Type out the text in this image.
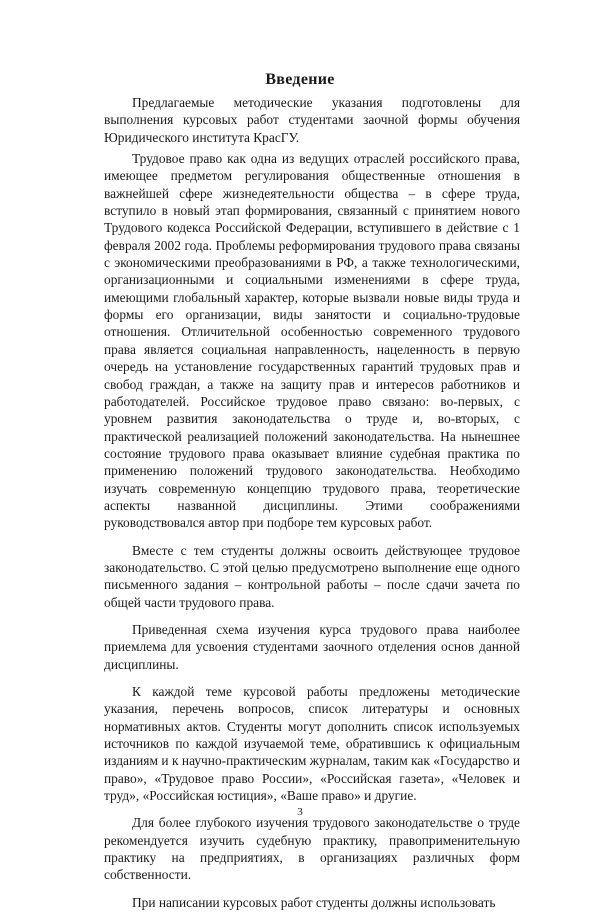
Введение

Предлагаемые методические указания подготовлены для выполнения курсовых работ студентами заочной формы обучения Юридического института КрасГУ.

Трудовое право как одна из ведущих отраслей российского права, имеющее предметом регулирования общественные отношения в важнейшей сфере жизнедеятельности общества – в сфере труда, вступило в новый этап формирования, связанный с принятием нового Трудового кодекса Российской Федерации, вступившего в действие с 1 февраля 2002 года. Проблемы реформирования трудового права связаны с экономическими преобразованиями в РФ, а также технологическими, организационными и социальными изменениями в сфере труда, имеющими глобальный характер, которые вызвали новые виды труда и формы его организации, виды занятости и социально-трудовые отношения. Отличительной особенностью современного трудового права является социальная направленность, нацеленность в первую очередь на установление государственных гарантий трудовых прав и свобод граждан, а также на защиту прав и интересов работников и работодателей. Российское трудовое право связано: во-первых, с уровнем развития законодательства о труде и, во-вторых, с практической реализацией положений законодательства. На нынешнее состояние трудового права оказывает влияние судебная практика по применению положений трудового законодательства. Необходимо изучать современную концепцию трудового права, теоретические аспекты названной дисциплины. Этими соображениями руководствовался автор при подборе тем курсовых работ.

Вместе с тем студенты должны освоить действующее трудовое законодательство. С этой целью предусмотрено выполнение еще одного письменного задания – контрольной работы – после сдачи зачета по общей части трудового права.

Приведенная схема изучения курса трудового права наиболее приемлема для усвоения студентами заочного отделения основ данной дисциплины.

К каждой теме курсовой работы предложены методические указания, перечень вопросов, список литературы и основных нормативных актов. Студенты могут дополнить список используемых источников по каждой изучаемой теме, обратившись к официальным изданиям и к научно-практическим журналам, таким как «Государство и право», «Трудовое право России», «Российская газета», «Человек и труд», «Российская юстиция», «Ваше право» и другие.

Для более глубокого изучения трудового законодательстве о труде рекомендуется изучить судебную практику, правоприменительную практику на предприятиях, в организациях различных форм собственности.

При написании курсовых работ студенты должны использовать

3
